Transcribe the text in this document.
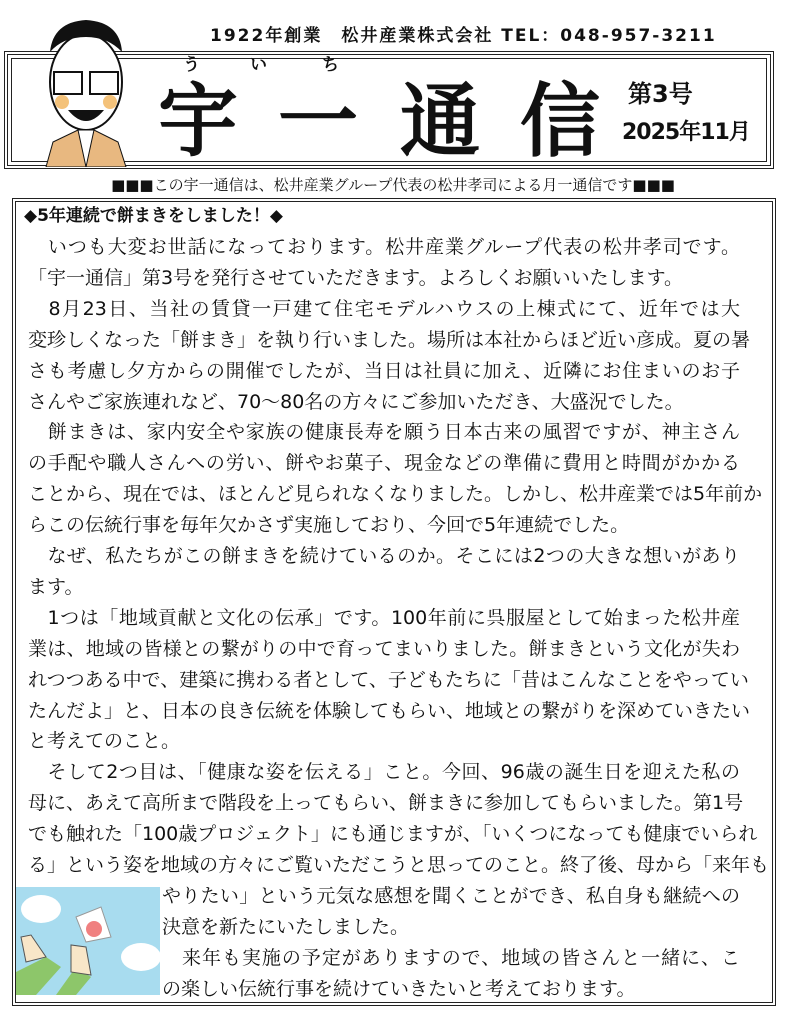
1922年創業　松井産業株式会社 TEL：048-957-3211
う	い	ち
宇 一 通 信 第3号
2025年11月
■■■この宇一通信は、松井産業グループ代表の松井孝司による月一通信です■■■
◆5年連続で餅まきをしました！◆
　いつも大変お世話になっております。松井産業グループ代表の松井孝司です。
「宇一通信」第3号を発行させていただきます。よろしくお願いいたします。
　8月23日、当社の賃貸一戸建て住宅モデルハウスの上棟式にて、近年では大
変珍しくなった「餅まき」を執り行いました。場所は本社からほど近い彦成。夏の暑
さも考慮し夕方からの開催でしたが、当日は社員に加え、近隣にお住まいのお子
さんやご家族連れなど、70～80名の方々にご参加いただき、大盛況でした。
　餅まきは、家内安全や家族の健康長寿を願う日本古来の風習ですが、神主さん
の手配や職人さんへの労い、餅やお菓子、現金などの準備に費用と時間がかかる
ことから、現在では、ほとんど見られなくなりました。しかし、松井産業では5年前か
らこの伝統行事を毎年欠かさず実施しており、今回で5年連続でした。
　なぜ、私たちがこの餅まきを続けているのか。そこには2つの大きな想いがあり
ます。
　1つは「地域貢献と文化の伝承」です。100年前に呉服屋として始まった松井産
業は、地域の皆様との繋がりの中で育ってまいりました。餅まきという文化が失わ
れつつある中で、建築に携わる者として、子どもたちに「昔はこんなことをやってい
たんだよ」と、日本の良き伝統を体験してもらい、地域との繋がりを深めていきたい
と考えてのこと。
　そして2つ目は、「健康な姿を伝える」こと。今回、96歳の誕生日を迎えた私の
母に、あえて高所まで階段を上ってもらい、餅まきに参加してもらいました。第1号
でも触れた「100歳プロジェクト」にも通じますが、「いくつになっても健康でいられ
る」という姿を地域の方々にご覧いただこうと思ってのこと。終了後、母から「来年も
やりたい」という元気な感想を聞くことができ、私自身も継続への
決意を新たにいたしました。
　来年も実施の予定がありますので、地域の皆さんと一緒に、こ
の楽しい伝統行事を続けていきたいと考えております。
